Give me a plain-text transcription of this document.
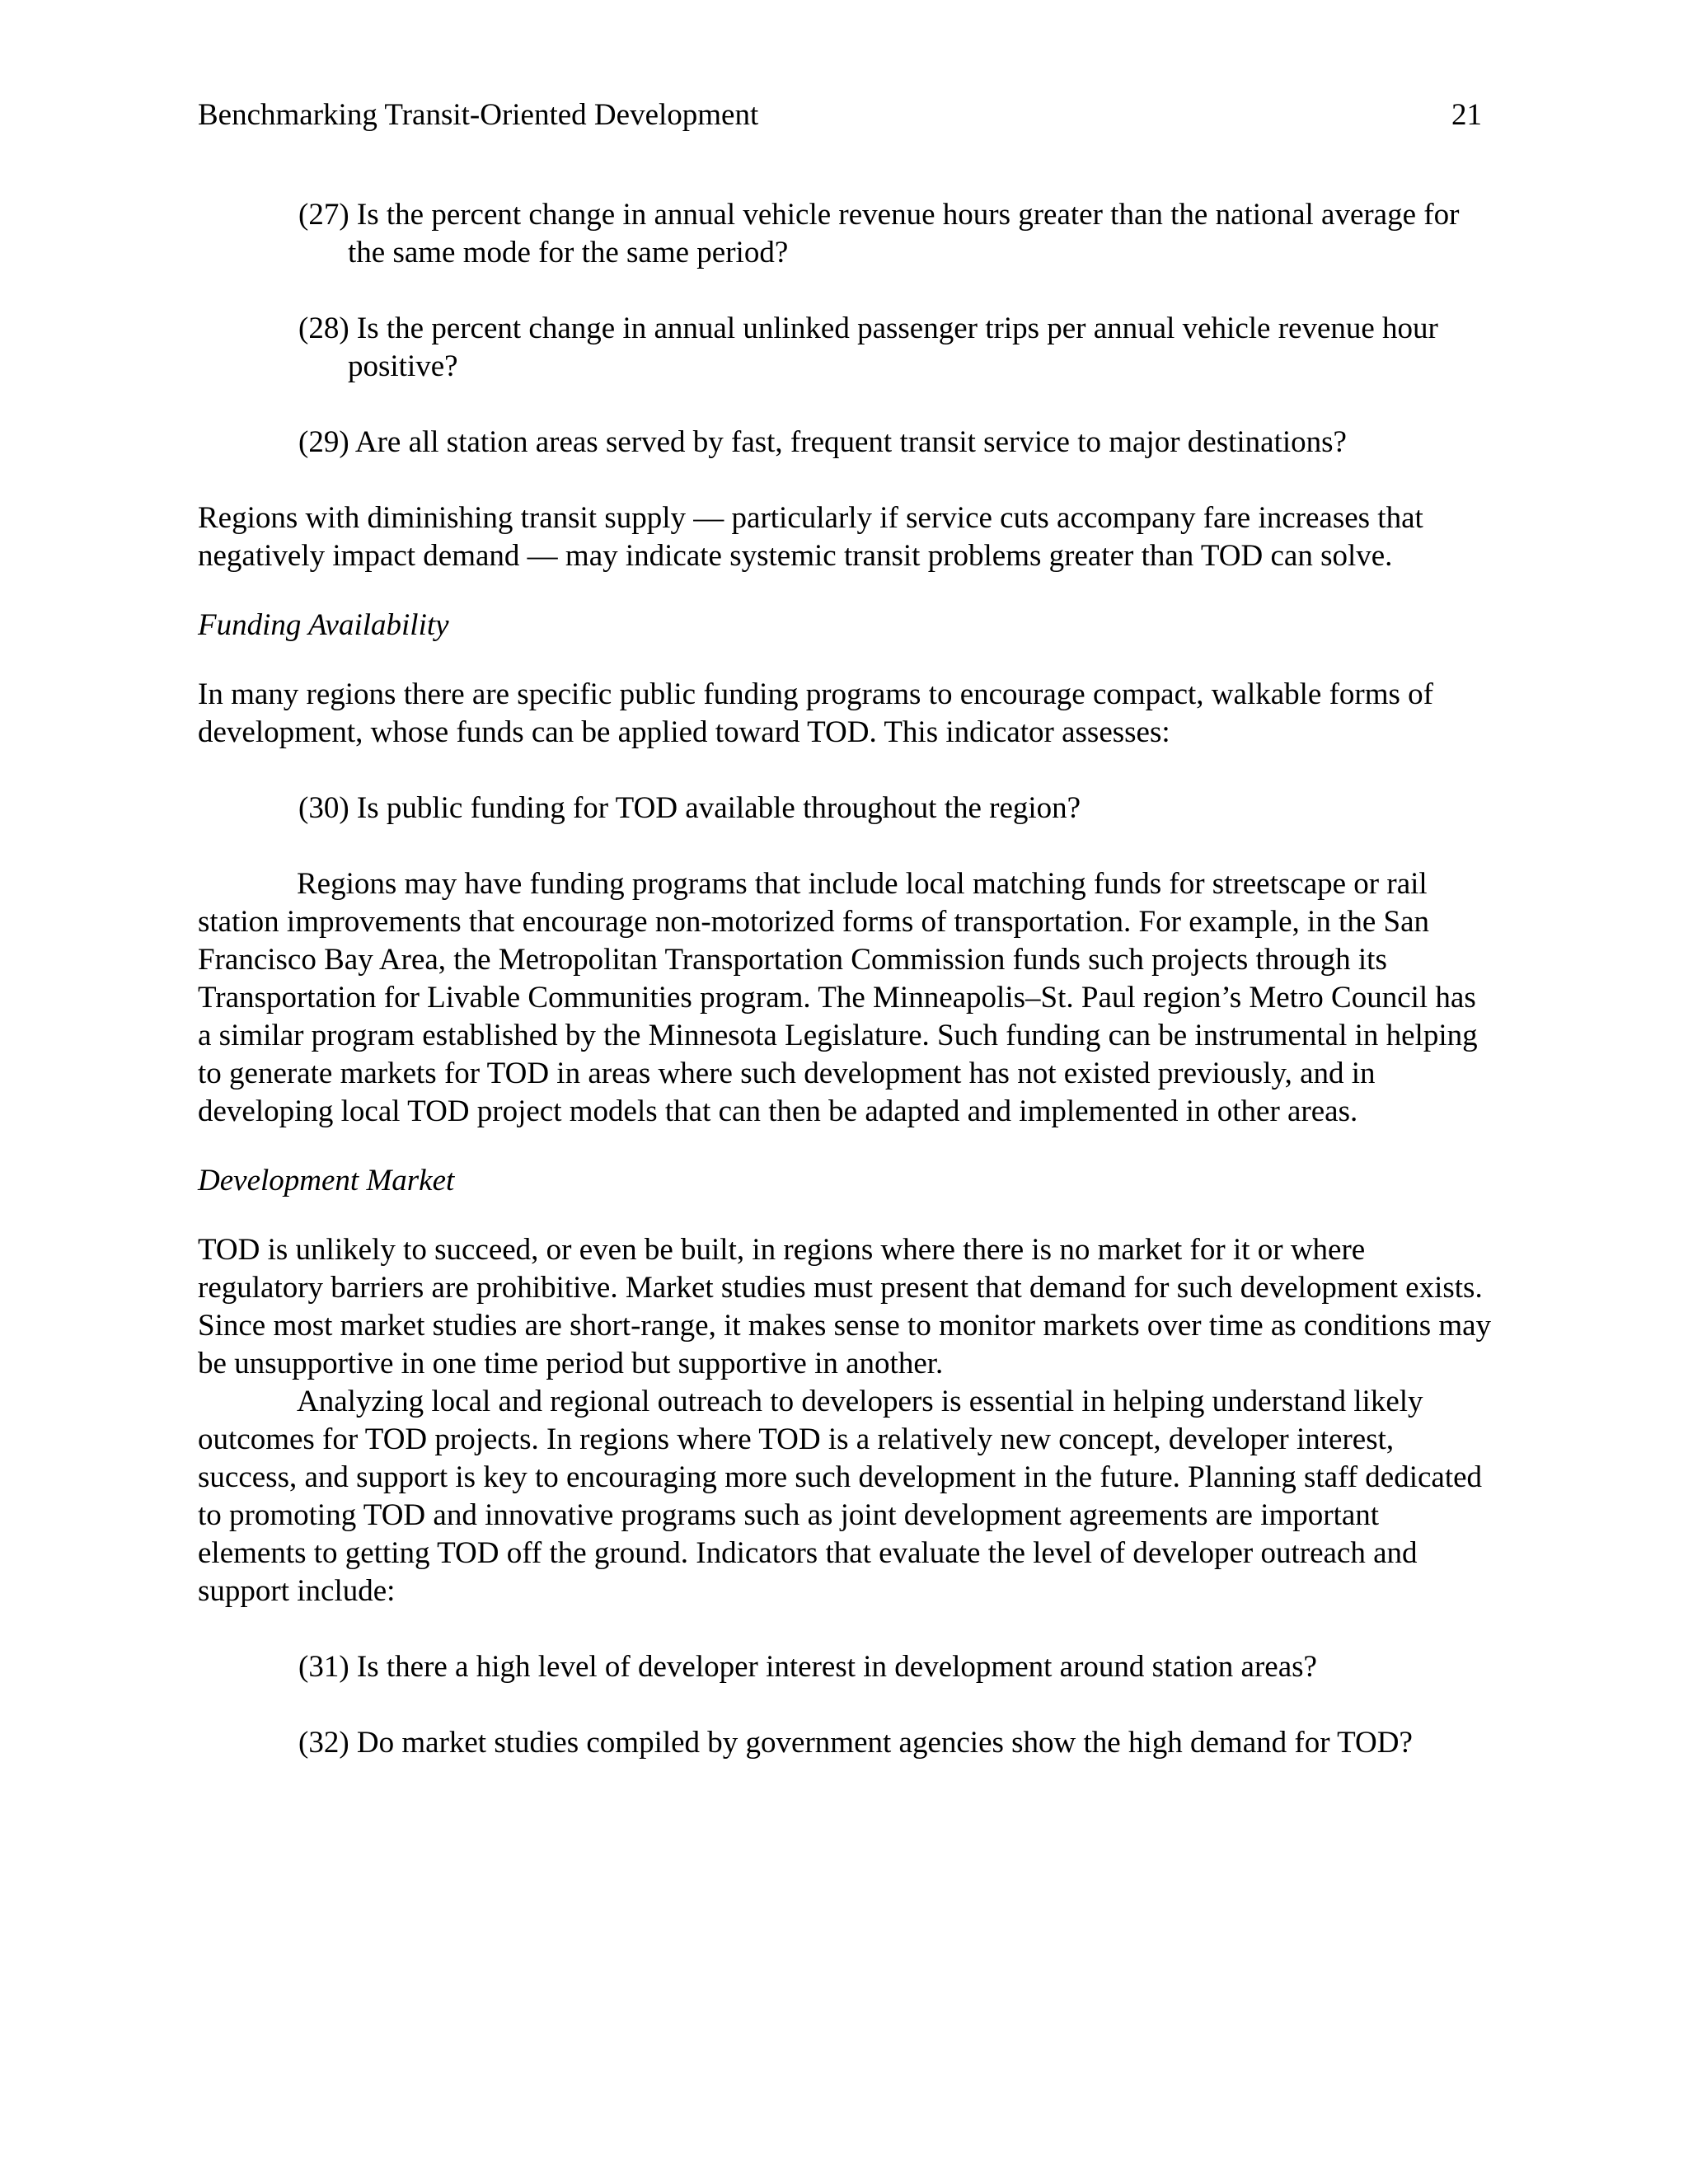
Benchmarking Transit-Oriented Development	21

(27) Is the percent change in annual vehicle revenue hours greater than the national average for the same mode for the same period?

(28) Is the percent change in annual unlinked passenger trips per annual vehicle revenue hour positive?

(29) Are all station areas served by fast, frequent transit service to major destinations?

Regions with diminishing transit supply — particularly if service cuts accompany fare increases that negatively impact demand — may indicate systemic transit problems greater than TOD can solve.

Funding Availability

In many regions there are specific public funding programs to encourage compact, walkable forms of development, whose funds can be applied toward TOD. This indicator assesses:

(30) Is public funding for TOD available throughout the region?

Regions may have funding programs that include local matching funds for streetscape or rail station improvements that encourage non-motorized forms of transportation. For example, in the San Francisco Bay Area, the Metropolitan Transportation Commission funds such projects through its Transportation for Livable Communities program. The Minneapolis–St. Paul region’s Metro Council has a similar program established by the Minnesota Legislature. Such funding can be instrumental in helping to generate markets for TOD in areas where such development has not existed previously, and in developing local TOD project models that can then be adapted and implemented in other areas.

Development Market

TOD is unlikely to succeed, or even be built, in regions where there is no market for it or where regulatory barriers are prohibitive. Market studies must present that demand for such development exists. Since most market studies are short-range, it makes sense to monitor markets over time as conditions may be unsupportive in one time period but supportive in another.

Analyzing local and regional outreach to developers is essential in helping understand likely outcomes for TOD projects. In regions where TOD is a relatively new concept, developer interest, success, and support is key to encouraging more such development in the future. Planning staff dedicated to promoting TOD and innovative programs such as joint development agreements are important elements to getting TOD off the ground. Indicators that evaluate the level of developer outreach and support include:

(31) Is there a high level of developer interest in development around station areas?

(32) Do market studies compiled by government agencies show the high demand for TOD?
